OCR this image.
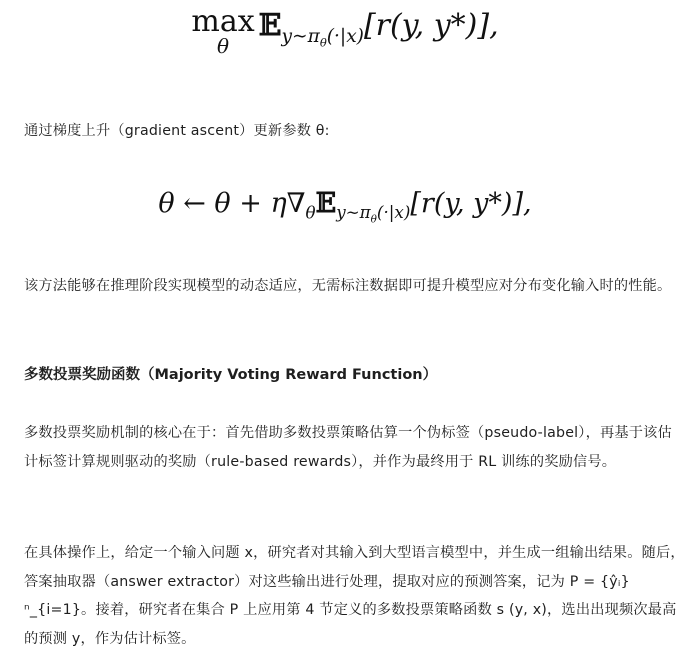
max
θ
𝔼$_{y\sim\pi_\theta(\cdot|x)}$[r(y, y*)],
通过梯度上升（gradient ascent）更新参数 θ:
θ ← $\theta + \eta\nabla_\theta 𝔼_{y\sim\pi_\theta(\cdot|x)}[r(y$, y*)],
该方法能够在推理阶段实现模型的动态适应，无需标注数据即可提升模型应对分布变化输入时的性能。
多数投票奖励函数（Majority Voting Reward Function）
多数投票奖励机制的核心在于：首先借助多数投票策略估算一个伪标签（pseudo-label），再基于该估计标签计算规则驱动的奖励（rule-based rewards），并作为最终用于 RL 训练的奖励信号。
在具体操作上，给定一个输入问题 x，研究者对其输入到大型语言模型中，并生成一组输出结果。随后，答案抽取器（answer extractor）对这些输出进行处理，提取对应的预测答案，记为 P = {ŷᵢ}ⁿ_{i=1}。接着，研究者在集合 P 上应用第 4 节定义的多数投票策略函数 s (y, x)，选出出现频次最高的预测 y，作为估计标签。
